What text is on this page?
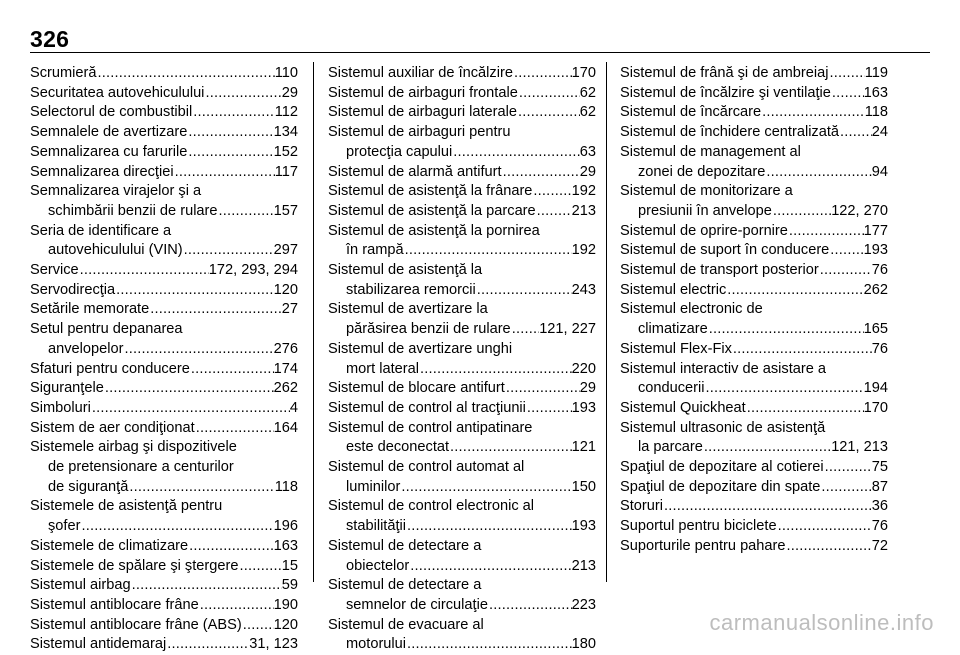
326
Scrumieră .....	110
Securitatea autovehiculului .....	29
Selectorul de combustibil .....	112
Semnalele de avertizare .....	134
Semnalizarea cu farurile .....	152
Semnalizarea direcţiei .....	117
Semnalizarea virajelor şi a
schimbării benzii de rulare .....	157
Seria de identificare a
autovehiculului (VIN) .....	297
Service .....	172, 293, 294
Servodirecţia .....	120
Setările memorate .....	27
Setul pentru depanarea
anvelopelor .....	276
Sfaturi pentru conducere .....	174
Siguranţele .....	262
Simboluri .....	4
Sistem de aer condiţionat .....	164
Sistemele airbag şi dispozitivele
de pretensionare a centurilor
de siguranţă .....	118
Sistemele de asistenţă pentru
şofer .....	196
Sistemele de climatizare .....	163
Sistemele de spălare şi ştergere .....	15
Sistemul airbag .....	59
Sistemul antiblocare frâne .....	190
Sistemul antiblocare frâne (ABS) ..... 120
Sistemul antidemaraj .....	31, 123
Sistemul auxiliar de încălzire .....	170
Sistemul de airbaguri frontale .....	62
Sistemul de airbaguri laterale .....	62
Sistemul de airbaguri pentru
protecţia capului .....	63
Sistemul de alarmă antifurt .....	29
Sistemul de asistenţă la frânare .....	192
Sistemul de asistenţă la parcare ..... 213
Sistemul de asistenţă la pornirea
în rampă .....	192
Sistemul de asistenţă la
stabilizarea remorcii .....	243
Sistemul de avertizare la
părăsirea benzii de rulare ..... 121, 227
Sistemul de avertizare unghi
mort lateral .....	220
Sistemul de blocare antifurt .....	29
Sistemul de control al tracţiunii .....	193
Sistemul de control antipatinare
este deconectat .....	121
Sistemul de control automat al
luminilor .....	150
Sistemul de control electronic al
stabilităţii .....	193
Sistemul de detectare a
obiectelor .....	213
Sistemul de detectare a
semnelor de circulaţie .....	223
Sistemul de evacuare al
motorului .....	180
Sistemul de frână şi de ambreiaj ..... 119
Sistemul de încălzire şi ventilaţie ..... 163
Sistemul de încărcare .....	118
Sistemul de închidere centralizată ..... 24
Sistemul de management al
zonei de depozitare .....	94
Sistemul de monitorizare a
presiunii în anvelope .....	122, 270
Sistemul de oprire-pornire .....	177
Sistemul de suport în conducere ..... 193
Sistemul de transport posterior .....	76
Sistemul electric .....	262
Sistemul electronic de
climatizare .....	165
Sistemul Flex-Fix .....	76
Sistemul interactiv de asistare a
conducerii .....	194
Sistemul Quickheat .....	170
Sistemul ultrasonic de asistenţă
la parcare .....	121, 213
Spaţiul de depozitare al cotierei .....	75
Spaţiul de depozitare din spate .....	87
Storuri .....	36
Suportul pentru biciclete .....	76
Suporturile pentru pahare .....	72
carmanualsonline.info
